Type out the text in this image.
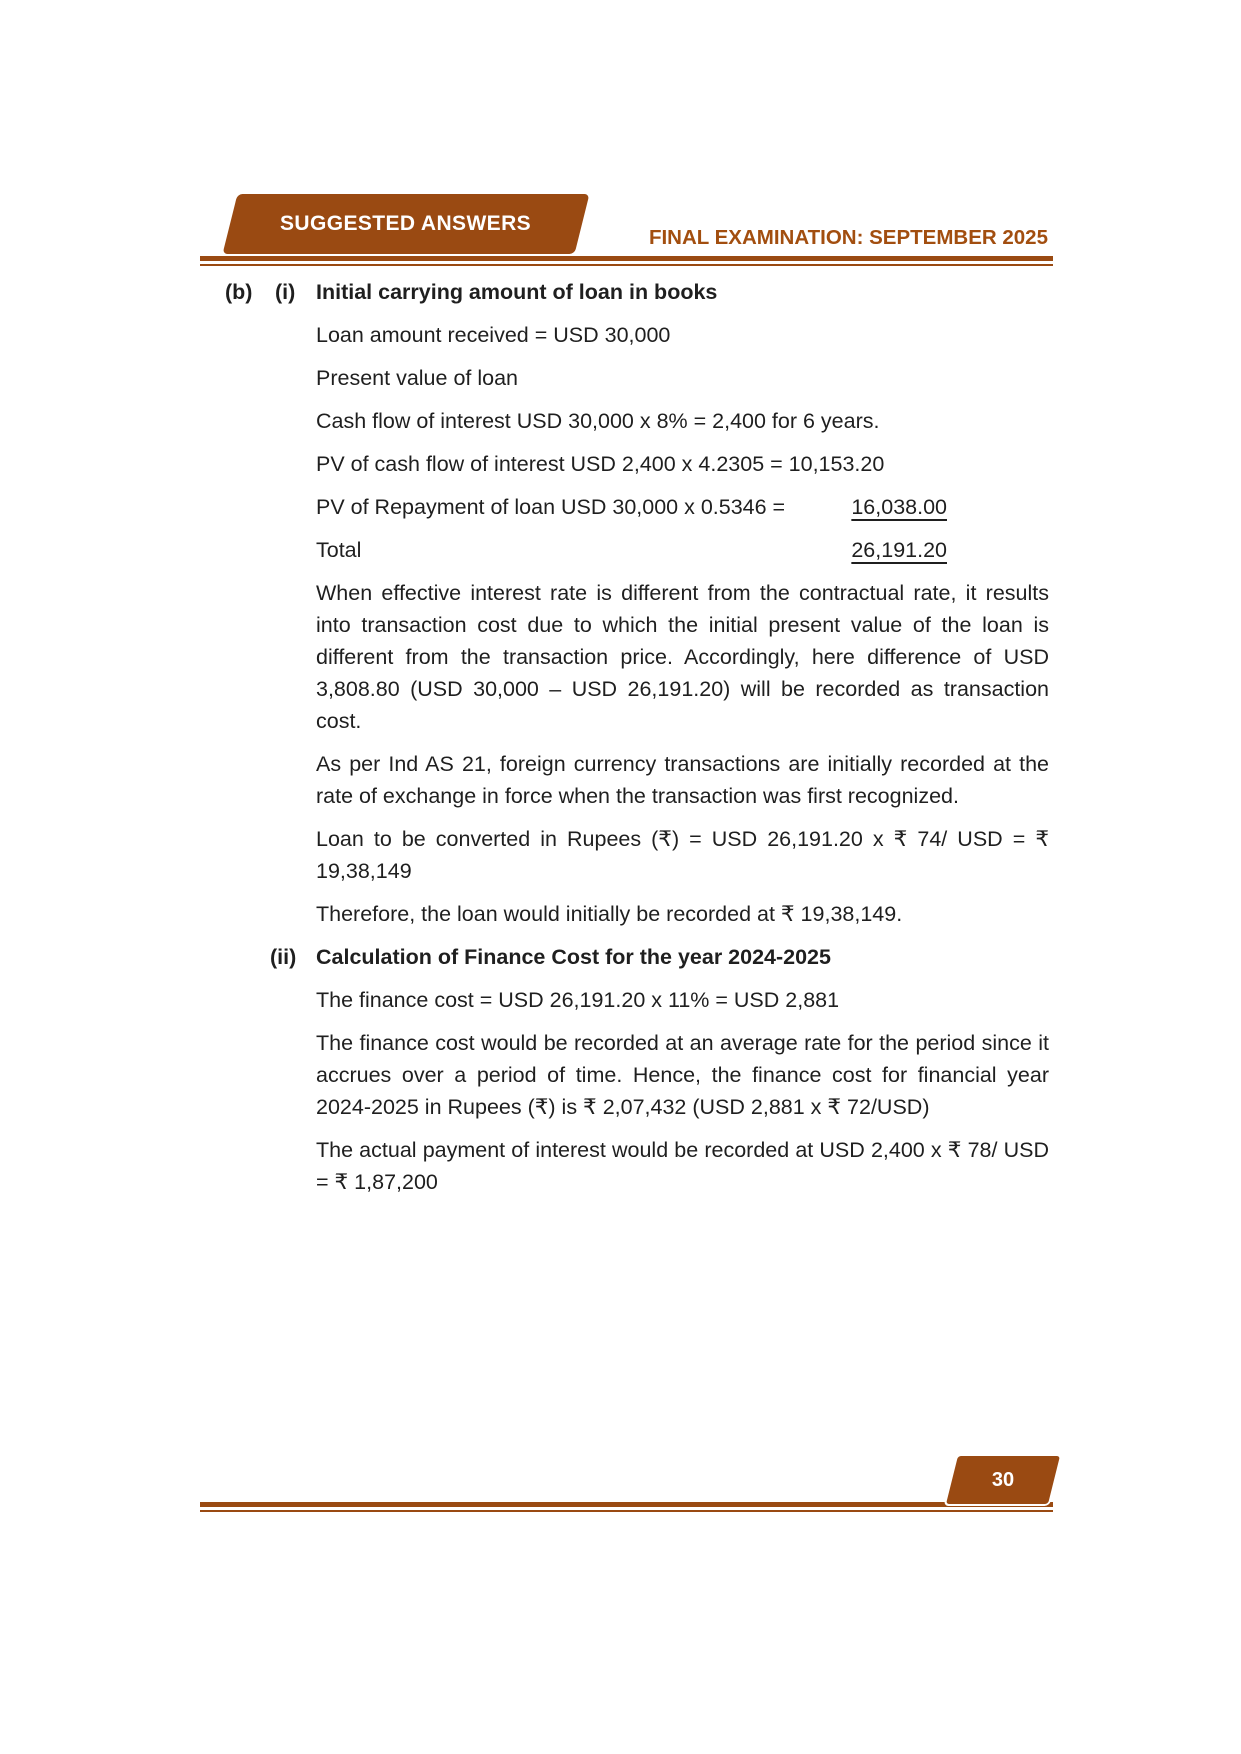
SUGGESTED ANSWERS
FINAL EXAMINATION: SEPTEMBER 2025
(b) (i) Initial carrying amount of loan in books

Loan amount received = USD 30,000

Present value of loan

Cash flow of interest USD 30,000 x 8% = 2,400 for 6 years.

PV of cash flow of interest USD 2,400 x 4.2305 = 10,153.20

PV of Repayment of loan USD 30,000 x 0.5346 =	16,038.00
Total	26,191.20

When effective interest rate is different from the contractual rate, it results into transaction cost due to which the initial present value of the loan is different from the transaction price. Accordingly, here difference of USD 3,808.80 (USD 30,000 – USD 26,191.20) will be recorded as transaction cost.

As per Ind AS 21, foreign currency transactions are initially recorded at the rate of exchange in force when the transaction was first recognized.

Loan to be converted in Rupees (₹) = USD 26,191.20 x ₹ 74/ USD = ₹ 19,38,149

Therefore, the loan would initially be recorded at ₹ 19,38,149.

(ii) Calculation of Finance Cost for the year 2024-2025

The finance cost = USD 26,191.20 x 11% = USD 2,881

The finance cost would be recorded at an average rate for the period since it accrues over a period of time. Hence, the finance cost for financial year 2024-2025 in Rupees (₹) is ₹ 2,07,432 (USD 2,881 x ₹ 72/USD)

The actual payment of interest would be recorded at USD 2,400 x ₹ 78/ USD = ₹ 1,87,200

30
